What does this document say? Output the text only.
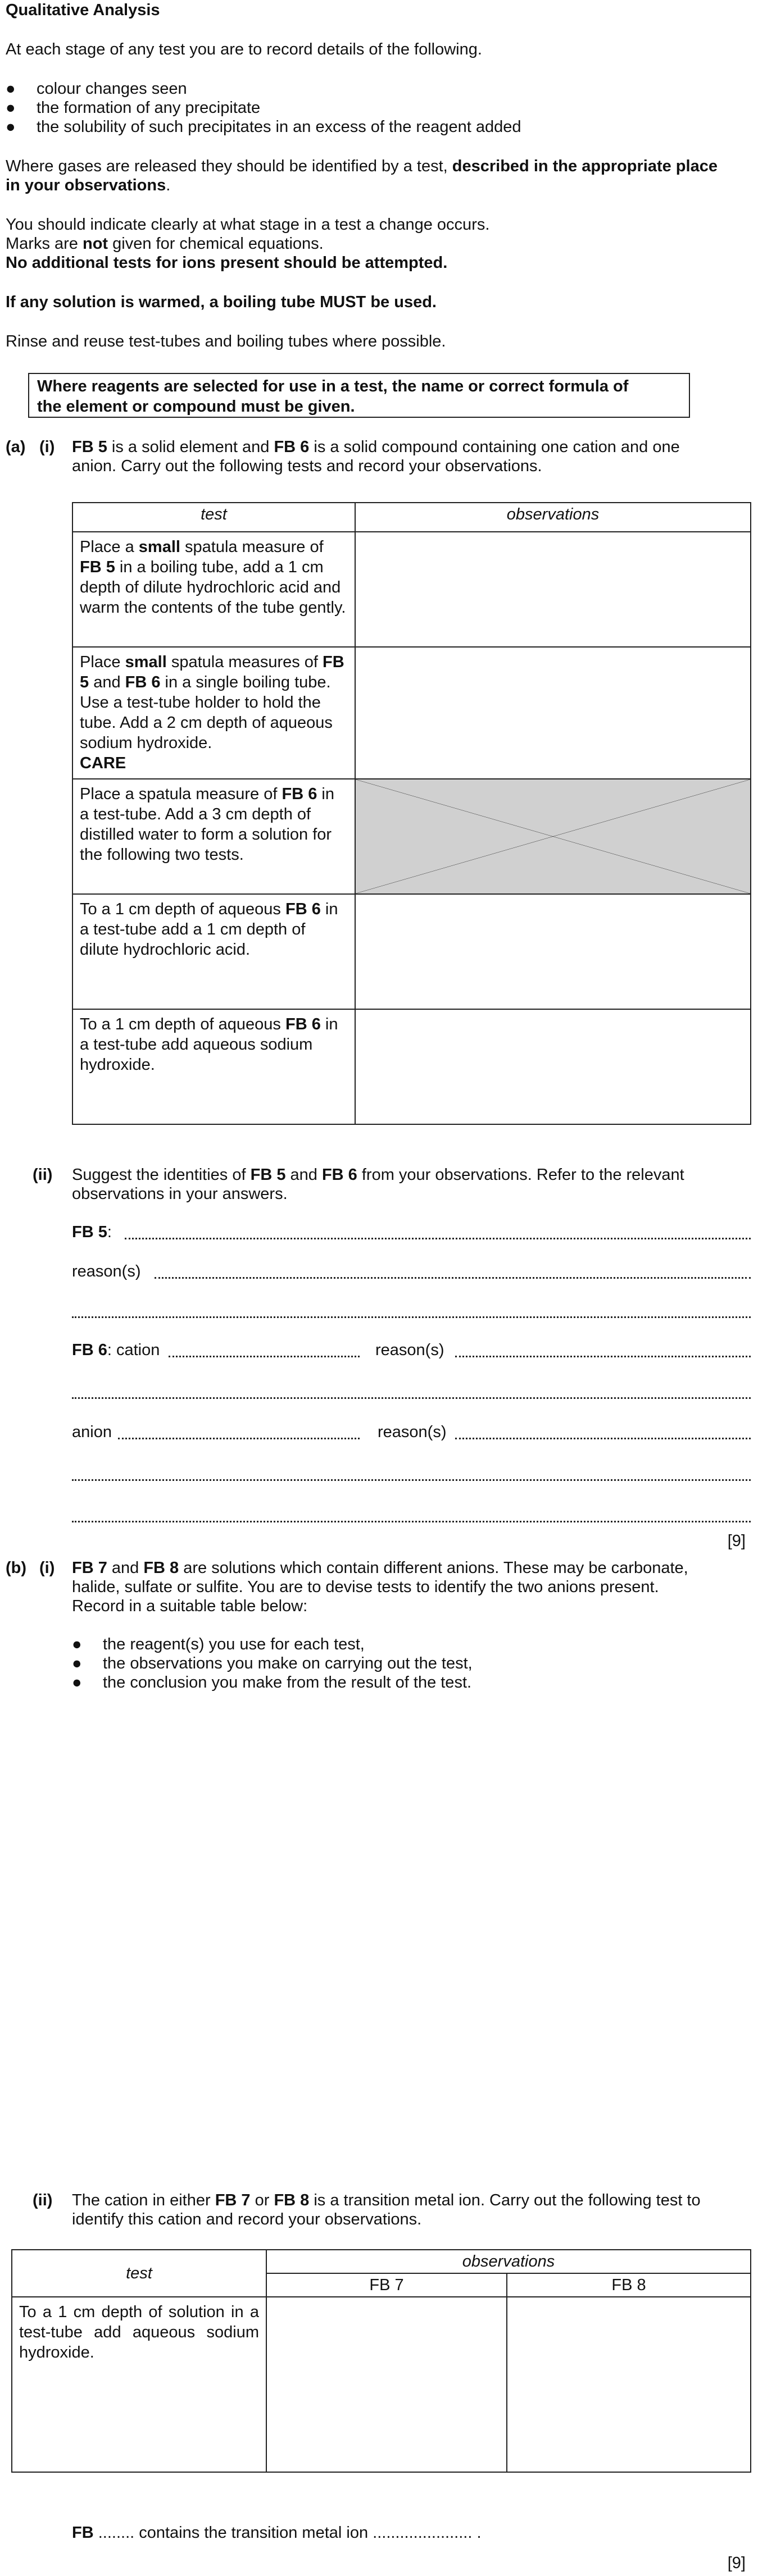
Qualitative Analysis
At each stage of any test you are to record details of the following.
● colour changes seen
● the formation of any precipitate
● the solubility of such precipitates in an excess of the reagent added
Where gases are released they should be identified by a test, described in the appropriate place
in your observations.
You should indicate clearly at what stage in a test a change occurs.
Marks are not given for chemical equations.
No additional tests for ions present should be attempted.
If any solution is warmed, a boiling tube MUST be used.
Rinse and reuse test-tubes and boiling tubes where possible.
Where reagents are selected for use in a test, the name or correct formula of
the element or compound must be given.
(a) (i) FB 5 is a solid element and FB 6 is a solid compound containing one cation and one
anion. Carry out the following tests and record your observations.
test	observations
Place a small spatula measure of FB 5 in a boiling tube, add a 1 cm depth of dilute hydrochloric acid and warm the contents of the tube gently.	
Place small spatula measures of FB 5 and FB 6 in a single boiling tube. Use a test-tube holder to hold the tube. Add a 2 cm depth of aqueous sodium hydroxide.
CARE	
Place a spatula measure of FB 6 in a test-tube. Add a 3 cm depth of distilled water to form a solution for the following two tests.	

To a 1 cm depth of aqueous FB 6 in a test-tube add a 1 cm depth of dilute hydrochloric acid.	
To a 1 cm depth of aqueous FB 6 in a test-tube add aqueous sodium hydroxide.	
(ii) Suggest the identities of FB 5 and FB 6 from your observations. Refer to the relevant
observations in your answers.
FB 5:
reason(s)
FB 6: cation	reason(s)
anion	reason(s)
[9]
(b) (i) FB 7 and FB 8 are solutions which contain different anions. These may be carbonate,
halide, sulfate or sulfite. You are to devise tests to identify the two anions present.
Record in a suitable table below:
● the reagent(s) you use for each test,
● the observations you make on carrying out the test,
● the conclusion you make from the result of the test.
(ii) The cation in either FB 7 or FB 8 is a transition metal ion. Carry out the following test to
identify this cation and record your observations.
test	observations	
	FB 7	FB 8
To a 1 cm depth of solution in a test-tube add aqueous sodium hydroxide.		
FB ........ contains the transition metal ion ...................... .
[9]
